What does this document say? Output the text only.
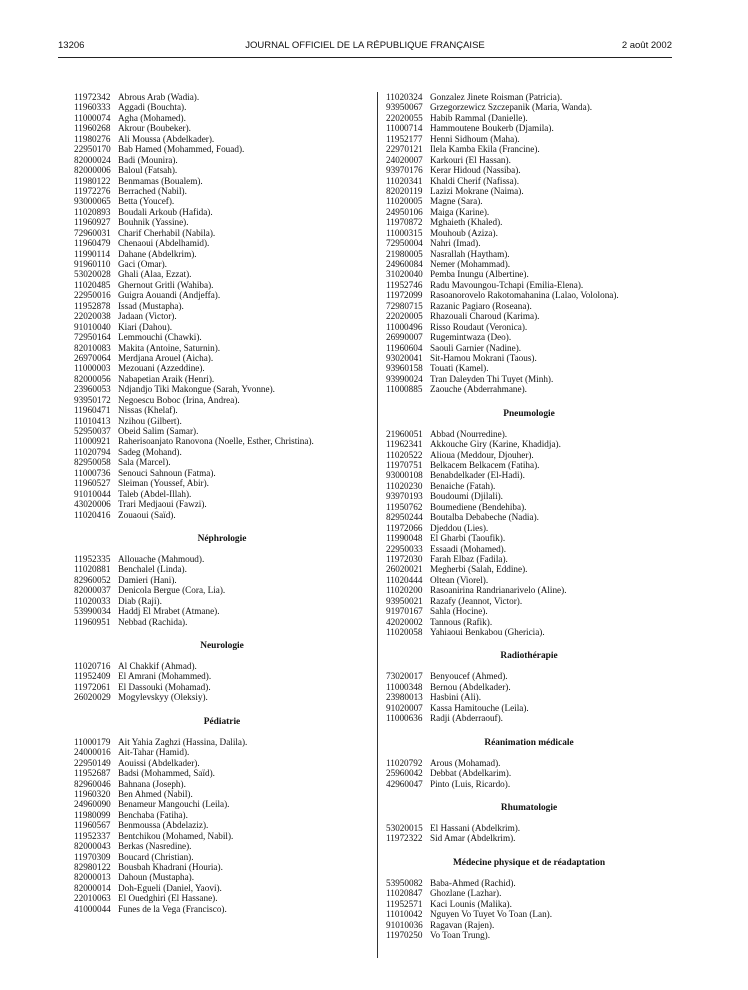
13206	JOURNAL OFFICIEL DE LA RÉPUBLIQUE FRANÇAISE	2 août 2002
11972342 Abrous Arab (Wadia).
11960333 Aggadi (Bouchta).
11000074 Agha (Mohamed).
11960268 Akrour (Boubeker).
11980276 Ali Moussa (Abdelkader).
22950170 Bab Hamed (Mohammed, Fouad).
82000024 Badi (Mounira).
82000006 Baloul (Fatsah).
11980122 Benmamas (Boualem).
11972276 Berrached (Nabil).
93000065 Betta (Youcef).
11020893 Boudali Arkoub (Hafida).
11960927 Bouhnik (Yassine).
72960031 Charif Cherhabil (Nabila).
11960479 Chenaoui (Abdelhamid).
11990114 Dahane (Abdelkrim).
91960110 Gaci (Omar).
53020028 Ghali (Alaa, Ezzat).
11020485 Ghernout Gritli (Wahiba).
22950016 Guigra Aouandi (Andjeffa).
11952878 Issad (Mustapha).
22020038 Jadaan (Victor).
91010040 Kiari (Dahou).
72950164 Lemmouchi (Chawki).
82010083 Makita (Antoine, Saturnin).
26970064 Merdjana Arouel (Aicha).
11000003 Mezouani (Azzeddine).
82000056 Nabapetian Araik (Henri).
23960053 Ndjandjo Tiki Makongue (Sarah, Yvonne).
93950172 Negoescu Boboc (Irina, Andrea).
11960471 Nissas (Khelaf).
11010413 Nzihou (Gilbert).
52950037 Obeid Salim (Samar).
11000921 Raherisoanjato Ranovona (Noelle, Esther, Christina).
11020794 Sadeg (Mohand).
82950058 Sala (Marcel).
11000736 Senouci Sahnoun (Fatma).
11960527 Sleiman (Youssef, Abir).
91010044 Taleb (Abdel-Illah).
43020006 Trari Medjaoui (Fawzi).
11020416 Zouaoui (Saïd).
Néphrologie
11952335 Allouache (Mahmoud).
11020881 Benchalel (Linda).
82960052 Damieri (Hani).
82000037 Denicola Bergue (Cora, Lia).
11020033 Diab (Raji).
53990034 Haddj El Mrabet (Atmane).
11960951 Nebbad (Rachida).
Neurologie
11020716 Al Chakkif (Ahmad).
11952409 El Amrani (Mohammed).
11972061 El Dassouki (Mohamad).
26020029 Mogylevskyy (Oleksiy).
Pédiatrie
11000179 Ait Yahia Zaghzi (Hassina, Dalila).
24000016 Ait-Tahar (Hamid).
22950149 Aouissi (Abdelkader).
11952687 Badsi (Mohammed, Saïd).
82960046 Bahnana (Joseph).
11960320 Ben Ahmed (Nabil).
24960090 Benameur Mangouchi (Leila).
11980099 Benchaba (Fatiha).
11960567 Benmoussa (Abdelaziz).
11952337 Bentchikou (Mohamed, Nabil).
82000043 Berkas (Nasredine).
11970309 Boucard (Christian).
82980122 Bousbah Khadrani (Houria).
82000013 Dahoun (Mustapha).
82000014 Doh-Egueli (Daniel, Yaovi).
22010063 El Ouedghiri (El Hassane).
41000044 Funes de la Vega (Francisco).
11020324 Gonzalez Jinete Roisman (Patricia).
93950067 Grzegorzewicz Szczepanik (Maria, Wanda).
22020055 Habib Rammal (Danielle).
11000714 Hammoutene Boukerb (Djamila).
11952177 Henni Sidhoum (Maha).
22970121 Ilela Kamba Ekila (Francine).
24020007 Karkouri (El Hassan).
93970176 Kerar Hidoud (Nassiba).
11020341 Khaldi Cherif (Nafissa).
82020119 Lazizi Mokrane (Naima).
11020005 Magne (Sara).
24950106 Maiga (Karine).
11970872 Mghaieth (Khaled).
11000315 Mouhoub (Aziza).
72950004 Nahri (Imad).
21980005 Nasrallah (Haytham).
24960084 Nemer (Mohammad).
31020040 Pemba Inungu (Albertine).
11952746 Radu Mavoungou-Tchapi (Emilia-Elena).
11972099 Rasoanorovelo Rakotomahanina (Lalao, Vololona).
72980715 Razanic Pagiaro (Roseana).
22020005 Rhazouali Charoud (Karima).
11000496 Risso Roudaut (Veronica).
26990007 Rugemintwaza (Deo).
11960604 Saouli Garnier (Nadine).
93020041 Sit-Hamou Mokrani (Taous).
93960158 Touati (Kamel).
93990024 Tran Daleyden Thi Tuyet (Minh).
11000885 Zaouche (Abderrahmane).
Pneumologie
21960051 Abbad (Nourredine).
11962341 Akkouche Giry (Karine, Khadidja).
11020522 Alioua (Meddour, Djouher).
11970751 Belkacem Belkacem (Fatiha).
93000108 Benabdelkader (El-Hadi).
11020230 Benaiche (Fatah).
93970193 Boudoumi (Djilali).
11950762 Boumediene (Bendehiba).
82950244 Boutalba Debabeche (Nadia).
11972066 Djeddou (Lies).
11990048 El Gharbi (Taoufik).
22950033 Essaadi (Mohamed).
11972030 Farah Elbaz (Fadila).
26020021 Megherbi (Salah, Eddine).
11020444 Oltean (Viorel).
11020200 Rasoanirina Randrianarivelo (Aline).
93950021 Razafy (Jeannot, Victor).
91970167 Sahla (Hocine).
42020002 Tannous (Rafik).
11020058 Yahiaoui Benkabou (Ghericia).
Radiothérapie
73020017 Benyoucef (Ahmed).
11000348 Bernou (Abdelkader).
23980013 Hasbini (Ali).
91020007 Kassa Hamitouche (Leila).
11000636 Radji (Abderraouf).
Réanimation médicale
11020792 Arous (Mohamad).
25960042 Debbat (Abdelkarim).
42960047 Pinto (Luis, Ricardo).
Rhumatologie
53020015 El Hassani (Abdelkrim).
11972322 Sid Amar (Abdelkrim).
Médecine physique et de réadaptation
53950082 Baba-Ahmed (Rachid).
11020847 Ghozlane (Lazhar).
11952571 Kaci Lounis (Malika).
11010042 Nguyen Vo Tuyet Vo Toan (Lan).
91010036 Ragavan (Rajen).
11970250 Vo Toan Trung).
